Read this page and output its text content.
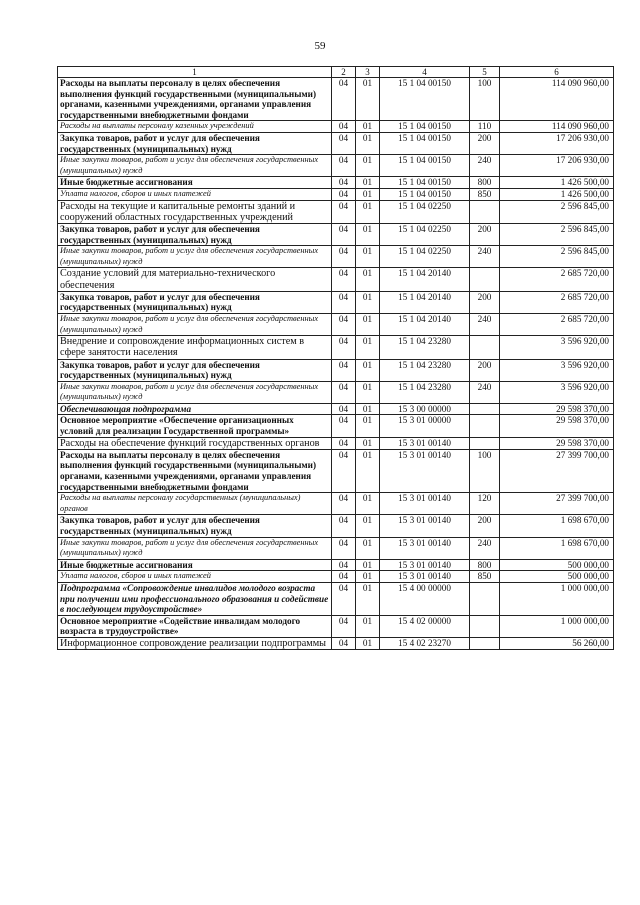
59
1	2	3	4	5	6
Расходы на выплаты персоналу в целях обеспечения выполнения функций государственными (муниципальными) органами, казенными учреждениями, органами управления государственными внебюджетными фондами	04	01	15 1 04 00150	100	114 090 960,00
Расходы на выплаты персоналу казенных учреждений	04	01	15 1 04 00150	110	114 090 960,00
Закупка товаров, работ и услуг для обеспечения государственных (муниципальных) нужд	04	01	15 1 04 00150	200	17 206 930,00
Иные закупки товаров, работ и услуг для обеспечения государственных (муниципальных) нужд	04	01	15 1 04 00150	240	17 206 930,00
Иные бюджетные ассигнования	04	01	15 1 04 00150	800	1 426 500,00
Уплата налогов, сборов и иных платежей	04	01	15 1 04 00150	850	1 426 500,00
Расходы на текущие и капитальные ремонты зданий и сооружений областных государственных учреждений	04	01	15 1 04 02250		2 596 845,00
Закупка товаров, работ и услуг для обеспечения государственных (муниципальных) нужд	04	01	15 1 04 02250	200	2 596 845,00
Иные закупки товаров, работ и услуг для обеспечения государственных (муниципальных) нужд	04	01	15 1 04 02250	240	2 596 845,00
Создание условий для материально-технического обеспечения	04	01	15 1 04 20140		2 685 720,00
Закупка товаров, работ и услуг для обеспечения государственных (муниципальных) нужд	04	01	15 1 04 20140	200	2 685 720,00
Иные закупки товаров, работ и услуг для обеспечения государственных (муниципальных) нужд	04	01	15 1 04 20140	240	2 685 720,00
Внедрение и сопровождение информационных систем в сфере занятости населения	04	01	15 1 04 23280		3 596 920,00
Закупка товаров, работ и услуг для обеспечения государственных (муниципальных) нужд	04	01	15 1 04 23280	200	3 596 920,00
Иные закупки товаров, работ и услуг для обеспечения государственных (муниципальных) нужд	04	01	15 1 04 23280	240	3 596 920,00
Обеспечивающая подпрограмма	04	01	15 3 00 00000		29 598 370,00
Основное мероприятие «Обеспечение организационных условий для реализации Государственной программы»	04	01	15 3 01 00000		29 598 370,00
Расходы на обеспечение функций государственных органов	04	01	15 3 01 00140		29 598 370,00
Расходы на выплаты персоналу в целях обеспечения выполнения функций государственными (муниципальными) органами, казенными учреждениями, органами управления государственными внебюджетными фондами	04	01	15 3 01 00140	100	27 399 700,00
Расходы на выплаты персоналу государственных (муниципальных) органов	04	01	15 3 01 00140	120	27 399 700,00
Закупка товаров, работ и услуг для обеспечения государственных (муниципальных) нужд	04	01	15 3 01 00140	200	1 698 670,00
Иные закупки товаров, работ и услуг для обеспечения государственных (муниципальных) нужд	04	01	15 3 01 00140	240	1 698 670,00
Иные бюджетные ассигнования	04	01	15 3 01 00140	800	500 000,00
Уплата налогов, сборов и иных платежей	04	01	15 3 01 00140	850	500 000,00
Подпрограмма «Сопровождение инвалидов молодого возраста при получении ими профессионального образования и содействие в последующем трудоустройстве»	04	01	15 4 00 00000		1 000 000,00
Основное мероприятие «Содействие инвалидам молодого возраста в трудоустройстве»	04	01	15 4 02 00000		1 000 000,00
Информационное сопровождение реализации подпрограммы	04	01	15 4 02 23270		56 260,00
